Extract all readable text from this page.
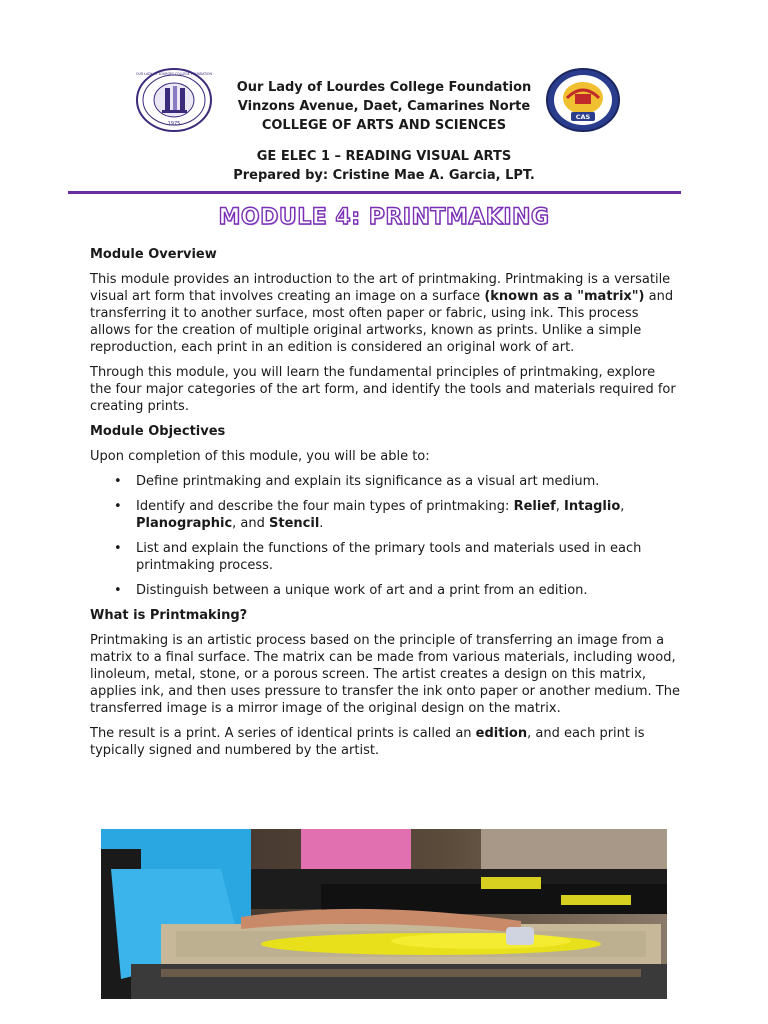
1975
OUR LADY OF LOURDES COLLEGE FOUNDATION
Our Lady of Lourdes College Foundation
Vinzons Avenue, Daet, Camarines Norte
COLLEGE OF ARTS AND SCIENCES
GE ELEC 1 – READING VISUAL ARTS
Prepared by: Cristine Mae A. Garcia, LPT.
CAS
MODULE 4: PRINTMAKING
Module Overview

This module provides an introduction to the art of printmaking. Printmaking is a versatile visual art form that involves creating an image on a surface (known as a "matrix") and transferring it to another surface, most often paper or fabric, using ink. This process allows for the creation of multiple original artworks, known as prints. Unlike a simple reproduction, each print in an edition is considered an original work of art.

Through this module, you will learn the fundamental principles of printmaking, explore the four major categories of the art form, and identify the tools and materials required for creating prints.

Module Objectives

Upon completion of this module, you will be able to:

• Define printmaking and explain its significance as a visual art medium.
• Identify and describe the four main types of printmaking: Relief, Intaglio, Planographic, and Stencil.
• List and explain the functions of the primary tools and materials used in each printmaking process.
• Distinguish between a unique work of art and a print from an edition.
What is Printmaking?

Printmaking is an artistic process based on the principle of transferring an image from a matrix to a final surface. The matrix can be made from various materials, including wood, linoleum, metal, stone, or a porous screen. The artist creates a design on this matrix, applies ink, and then uses pressure to transfer the ink onto paper or another medium. The transferred image is a mirror image of the original design on the matrix.

The result is a print. A series of identical prints is called an edition, and each print is typically signed and numbered by the artist.
